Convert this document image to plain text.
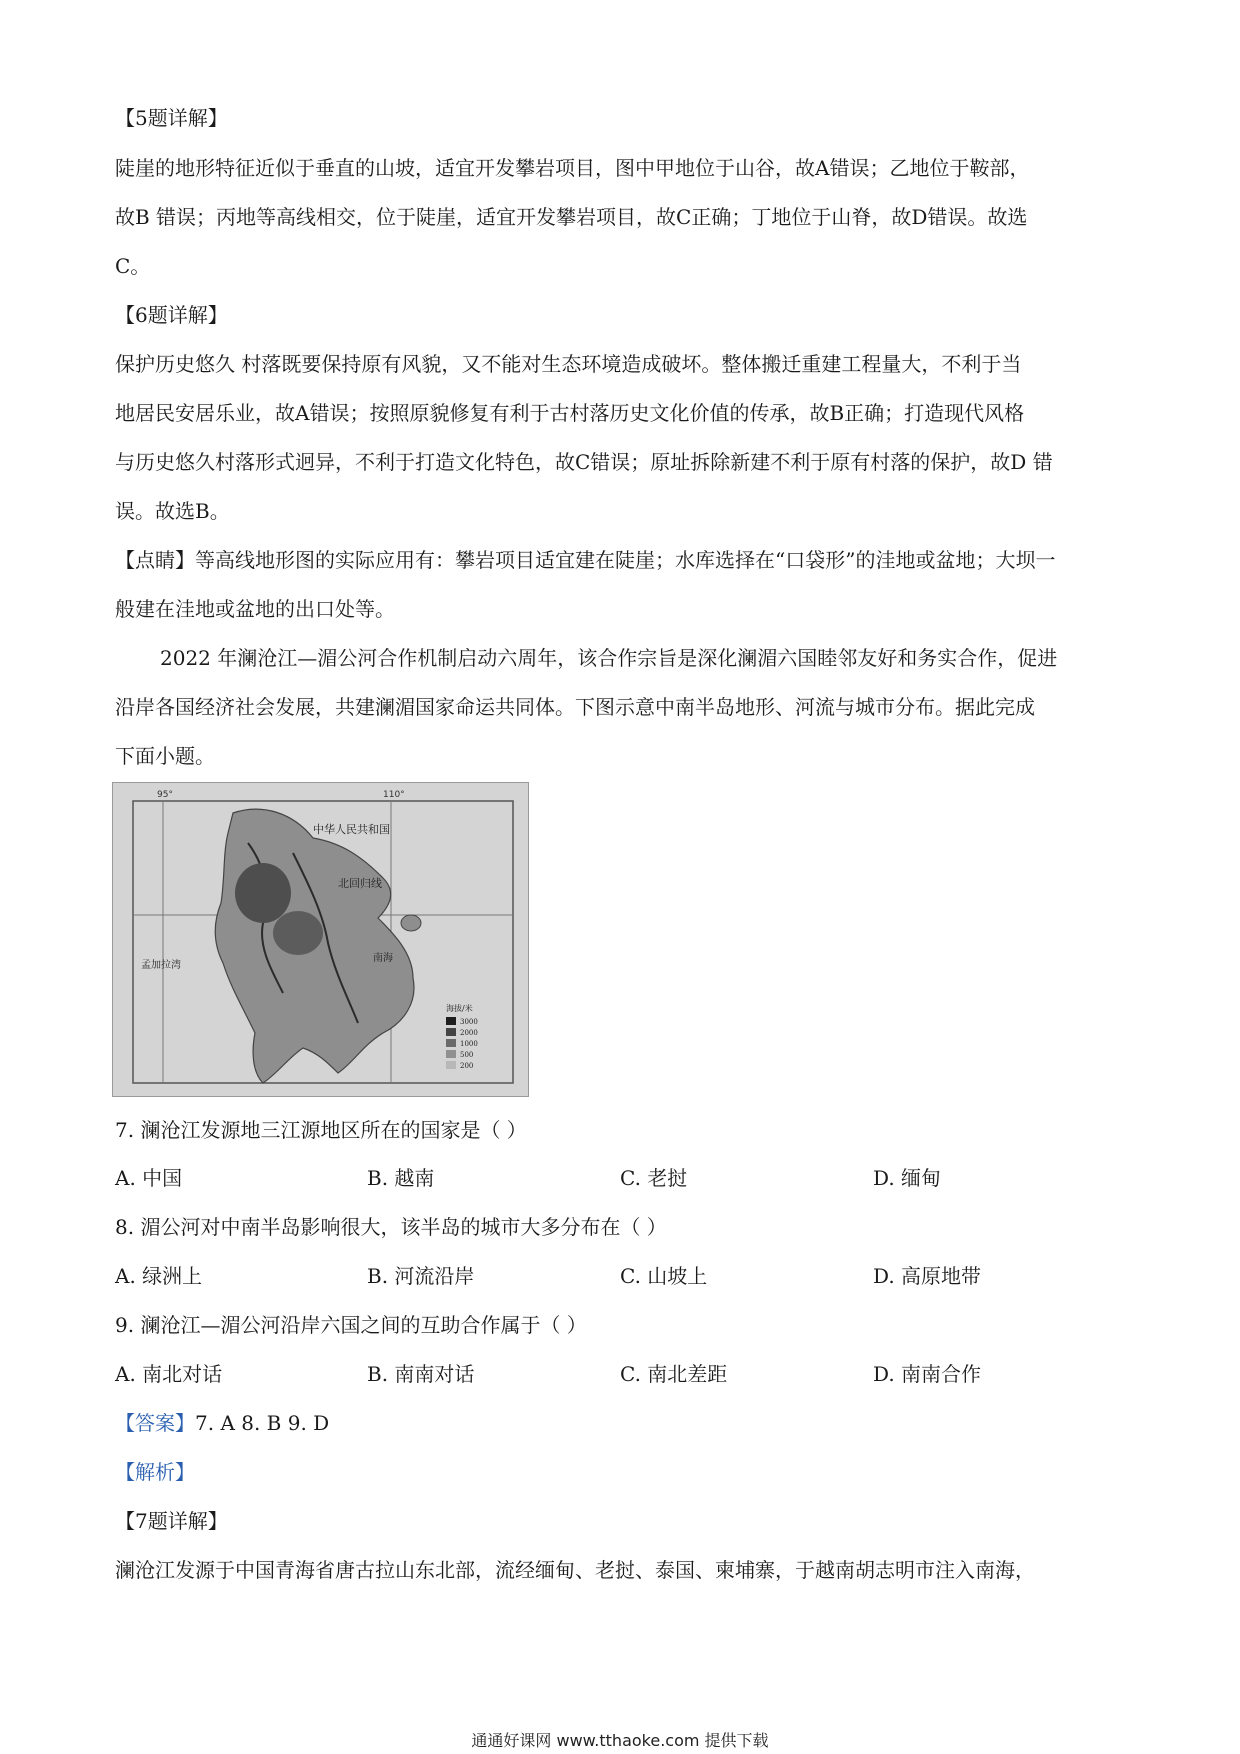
【5题详解】
陡崖的地形特征近似于垂直的山坡，适宜开发攀岩项目，图中甲地位于山谷，故A错误；乙地位于鞍部，
故B 错误；丙地等高线相交，位于陡崖，适宜开发攀岩项目，故C正确；丁地位于山脊，故D错误。故选
C。
【6题详解】
保护历史悠久 村落既要保持原有风貌，又不能对生态环境造成破坏。整体搬迁重建工程量大，不利于当
地居民安居乐业，故A错误；按照原貌修复有利于古村落历史文化价值的传承，故B正确；打造现代风格
与历史悠久村落形式迥异，不利于打造文化特色，故C错误；原址拆除新建不利于原有村落的保护，故D 错
误。故选B。
【点睛】等高线地形图的实际应用有：攀岩项目适宜建在陡崖；水库选择在“口袋形”的洼地或盆地；大坝一
般建在洼地或盆地的出口处等。
2022 年澜沧江—湄公河合作机制启动六周年，该合作宗旨是深化澜湄六国睦邻友好和务实合作，促进
沿岸各国经济社会发展，共建澜湄国家命运共同体。下图示意中南半岛地形、河流与城市分布。据此完成
下面小题。
中华人民共和国
北回归线
孟加拉湾
南海
95°	110°
海拔/米
3000
2000
1000
500
200
7. 澜沧江发源地三江源地区所在的国家是（ ）
A. 中国	B. 越南	C. 老挝	D. 缅甸
8. 湄公河对中南半岛影响很大，该半岛的城市大多分布在（ ）
A. 绿洲上	B. 河流沿岸	C. 山坡上	D. 高原地带
9. 澜沧江—湄公河沿岸六国之间的互助合作属于（ ）
A. 南北对话	B. 南南对话	C. 南北差距	D. 南南合作
【答案】7. A 8. B 9. D
【解析】
【7题详解】
澜沧江发源于中国青海省唐古拉山东北部，流经缅甸、老挝、泰国、柬埔寨，于越南胡志明市注入南海，
通通好课网 www.tthaoke.com 提供下载
